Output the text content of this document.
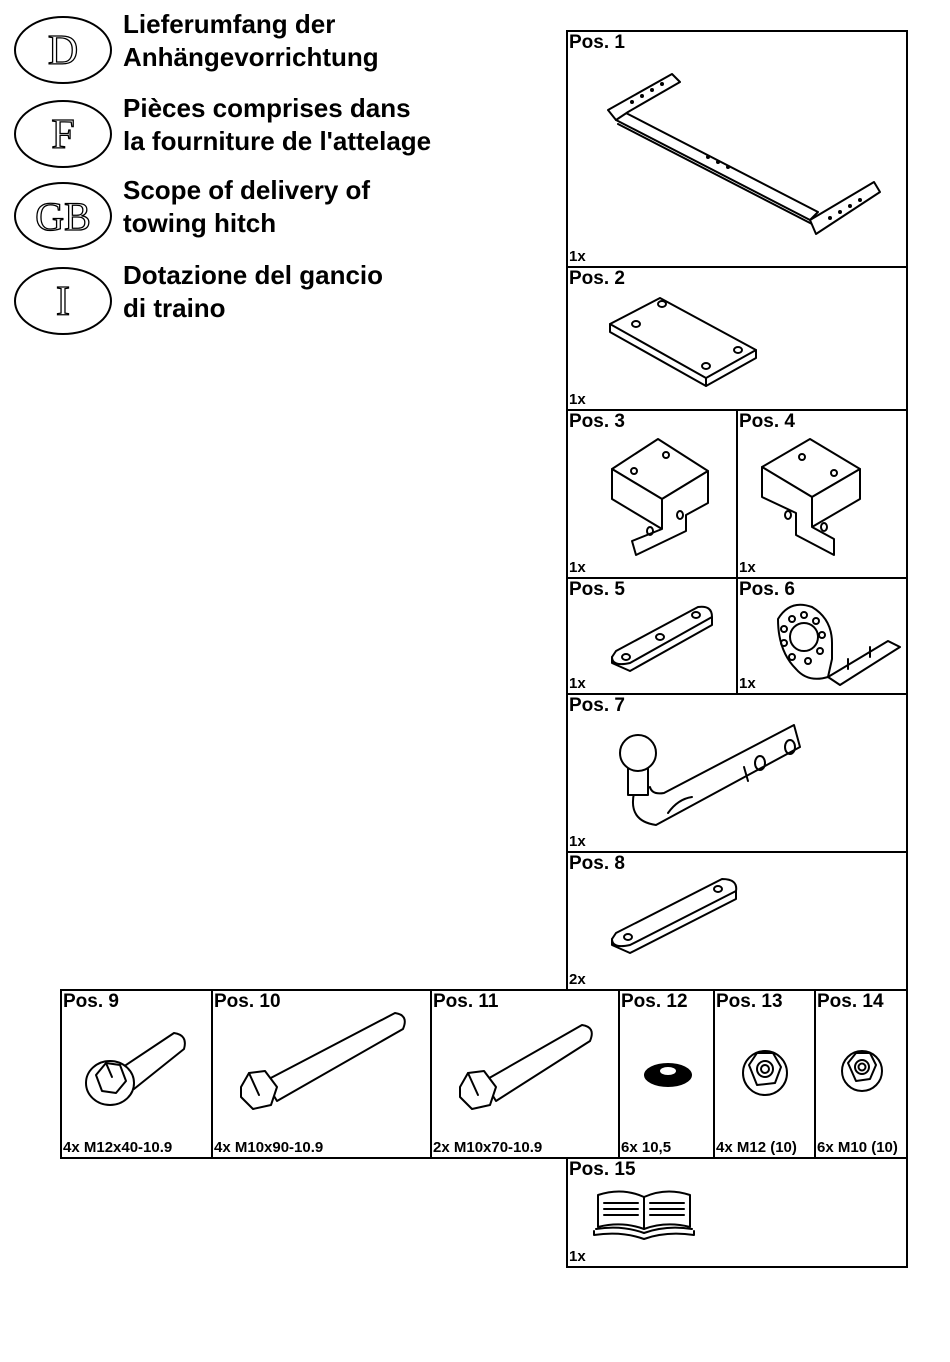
D
Lieferumfang der
Anhängevorrichtung
F
Pièces comprises dans
la fourniture de l'attelage
GB
Scope of delivery of
towing hitch
I
Dotazione del gancio
di traino
Pos. 1
1x
Pos. 2
1x
Pos. 3
1x
Pos. 4
1x
Pos. 5
1x
Pos. 6
1x
Pos. 7
1x
Pos. 8
2x
Pos. 9
4x M12x40-10.9
Pos. 10
4x M10x90-10.9
Pos. 11
2x M10x70-10.9
Pos. 12
6x 10,5
Pos. 13
4x M12 (10)
Pos. 14
6x M10 (10)
Pos. 15
1x
